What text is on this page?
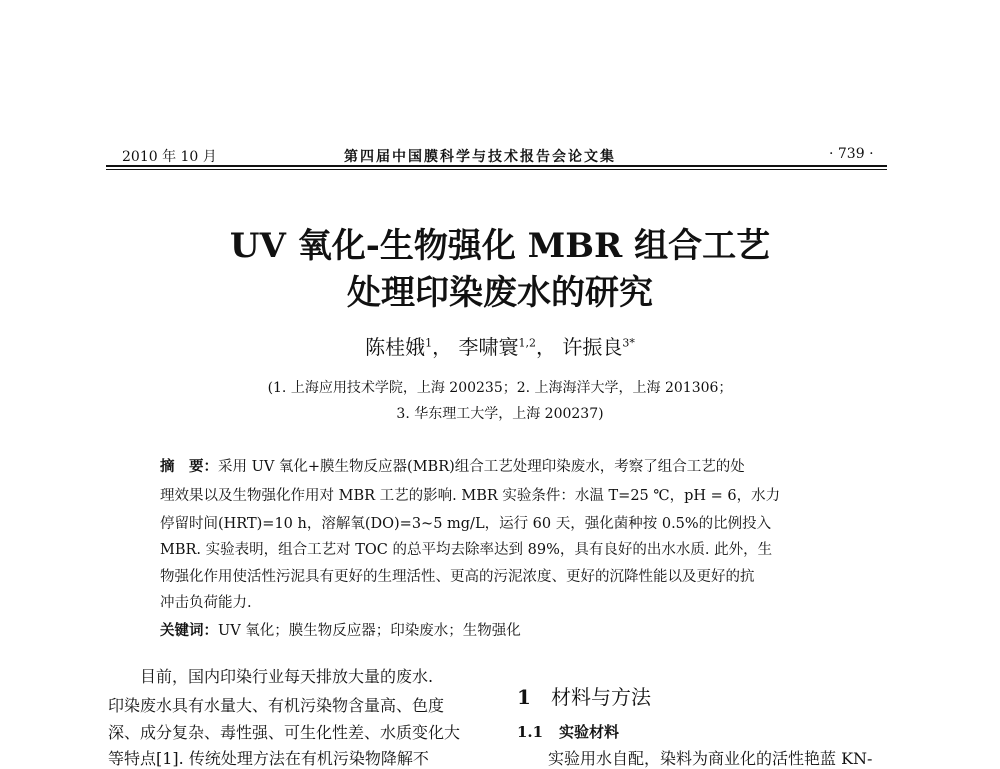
2010 年 10 月	第四届中国膜科学与技术报告会论文集	· 739 ·
UV 氧化-生物强化 MBR 组合工艺
处理印染废水的研究
陈桂娥$^1$， 李啸寰$^{1,2}$， 许振良$^{3*}$
(1. 上海应用技术学院，上海 200235；2. 上海海洋大学，上海 201306；
3. 华东理工大学，上海 200237)
摘　要：采用 UV 氧化+膜生物反应器(MBR)组合工艺处理印染废水，考察了组合工艺的处
理效果以及生物强化作用对 MBR 工艺的影响. MBR 实验条件：水温 T=25 ℃，pH = 6，水力
停留时间(HRT)=10 h，溶解氧(DO)=3~5 mg/L，运行 60 天，强化菌种按 0.5%的比例投入
MBR. 实验表明，组合工艺对 TOC 的总平均去除率达到 89%，具有良好的出水水质. 此外，生
物强化作用使活性污泥具有更好的生理活性、更高的污泥浓度、更好的沉降性能以及更好的抗
冲击负荷能力.
关键词：UV 氧化；膜生物反应器；印染废水；生物强化
目前，国内印染行业每天排放大量的废水.
印染废水具有水量大、有机污染物含量高、色度
深、成分复杂、毒性强、可生化性差、水质变化大
等特点[1]. 传统处理方法在有机污染物降解不
1 材料与方法
1.1 实验材料
实验用水自配，染料为商业化的活性艳蓝 KN-
